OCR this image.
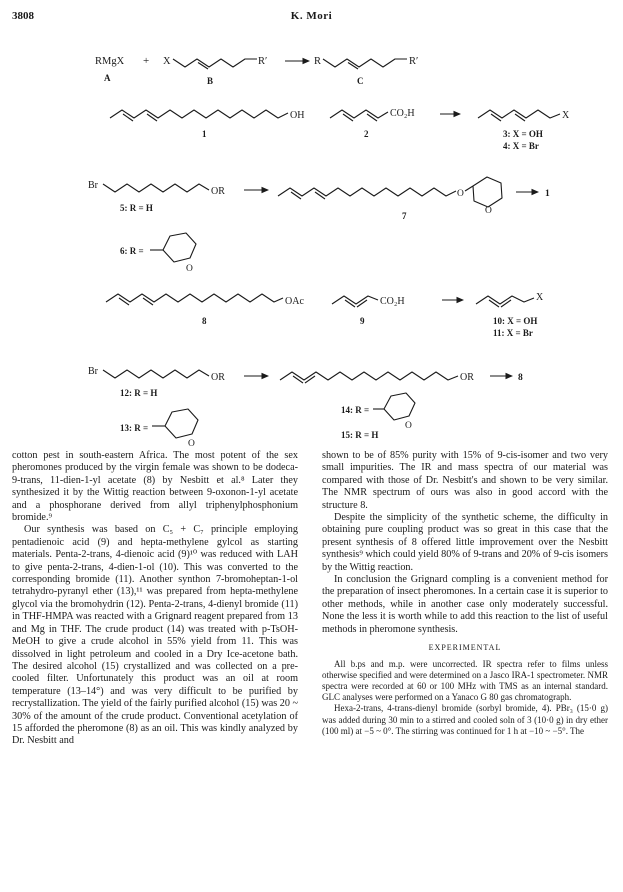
3808	K. Mori
RMgX
A
+ X	R′
B
R	R′
C
OH
1
CO₂H
2
X
3: X = OH
4: X = Br
Br
OR
5: R = H
O
O
7
1
6: R =
O
OAc
8
CO₂H
9
X
10: X = OH
11: X = Br
Br
OR
12: R = H
OR	8
13: R =
O
14: R =
O
15: R = H

cotton pest in south-eastern Africa. The most potent of the sex pheromones produced by the virgin female was shown to be dodeca-9-trans, 11-dien-1-yl acetate (8) by Nesbitt et al.⁸ Later they synthesized it by the Wittig reaction between 9-oxonon-1-yl acetate and a phosphorane derived from allyl triphenylphosphonium bromide.⁹

Our synthesis was based on C₅ + C₇ principle employing pentadienoic acid (9) and hepta-methylene gylcol as starting materials. Penta-2-trans, 4-dienoic acid (9)¹⁰ was reduced with LAH to give penta-2-trans, 4-dien-1-ol (10). This was converted to the corresponding bromide (11). Another synthon 7-bromoheptan-1-ol tetrahydro-pyranyl ether (13),¹¹ was prepared from hepta-methylene glycol via the bromohydrin (12). Penta-2-trans, 4-dienyl bromide (11) in THF-HMPA was reacted with a Grignard reagent prepared from 13 and Mg in THF. The crude product (14) was treated with p-TsOH-MeOH to give a crude alcohol in 55% yield from 11. This was dissolved in light petroleum and cooled in a Dry Ice-acetone bath. The desired alcohol (15) crystallized and was collected on a pre-cooled filter. Unfortunately this product was an oil at room temperature (13–14°) and was very difficult to be purified by recrystallization. The yield of the fairly purified alcohol (15) was 20 ~ 30% of the amount of the crude product. Conventional acetylation of 15 afforded the pheromone (8) as an oil. This was kindly analyzed by Dr. Nesbitt and

shown to be of 85% purity with 15% of 9-cis-isomer and two very small impurities. The IR and mass spectra of our material was compared with those of Dr. Nesbitt's and shown to be very similar. The NMR spectrum of ours was also in good accord with the structure 8.

Despite the simplicity of the synthetic scheme, the difficulty in obtaining pure coupling product was so great in this case that the present synthesis of 8 offered little improvement over the Nesbitt synthesis⁹ which could yield 80% of 9-trans and 20% of 9-cis isomers by the Wittig reaction.

In conclusion the Grignard compling is a convenient method for the preparation of insect pheromones. In a certain case it is superior to other methods, while in another case only moderately successful. None the less it is worth while to add this reaction to the list of useful methods in pheromone synthesis.

EXPERIMENTAL

All b.ps and m.p. were uncorrected. IR spectra refer to films unless otherwise specified and were determined on a Jasco IRA-1 spectrometer. NMR spectra were recorded at 60 or 100 MHz with TMS as an internal standard. GLC analyses were performed on a Yanaco G 80 gas chromatograph.

Hexa-2-trans, 4-trans-dienyl bromide (sorbyl bromide, 4). PBr₃ (15·0 g) was added during 30 min to a stirred and cooled soln of 3 (10·0 g) in dry ether (100 ml) at −5 ~ 0°. The stirring was continued for 1 h at −10 ~ −5°. The
